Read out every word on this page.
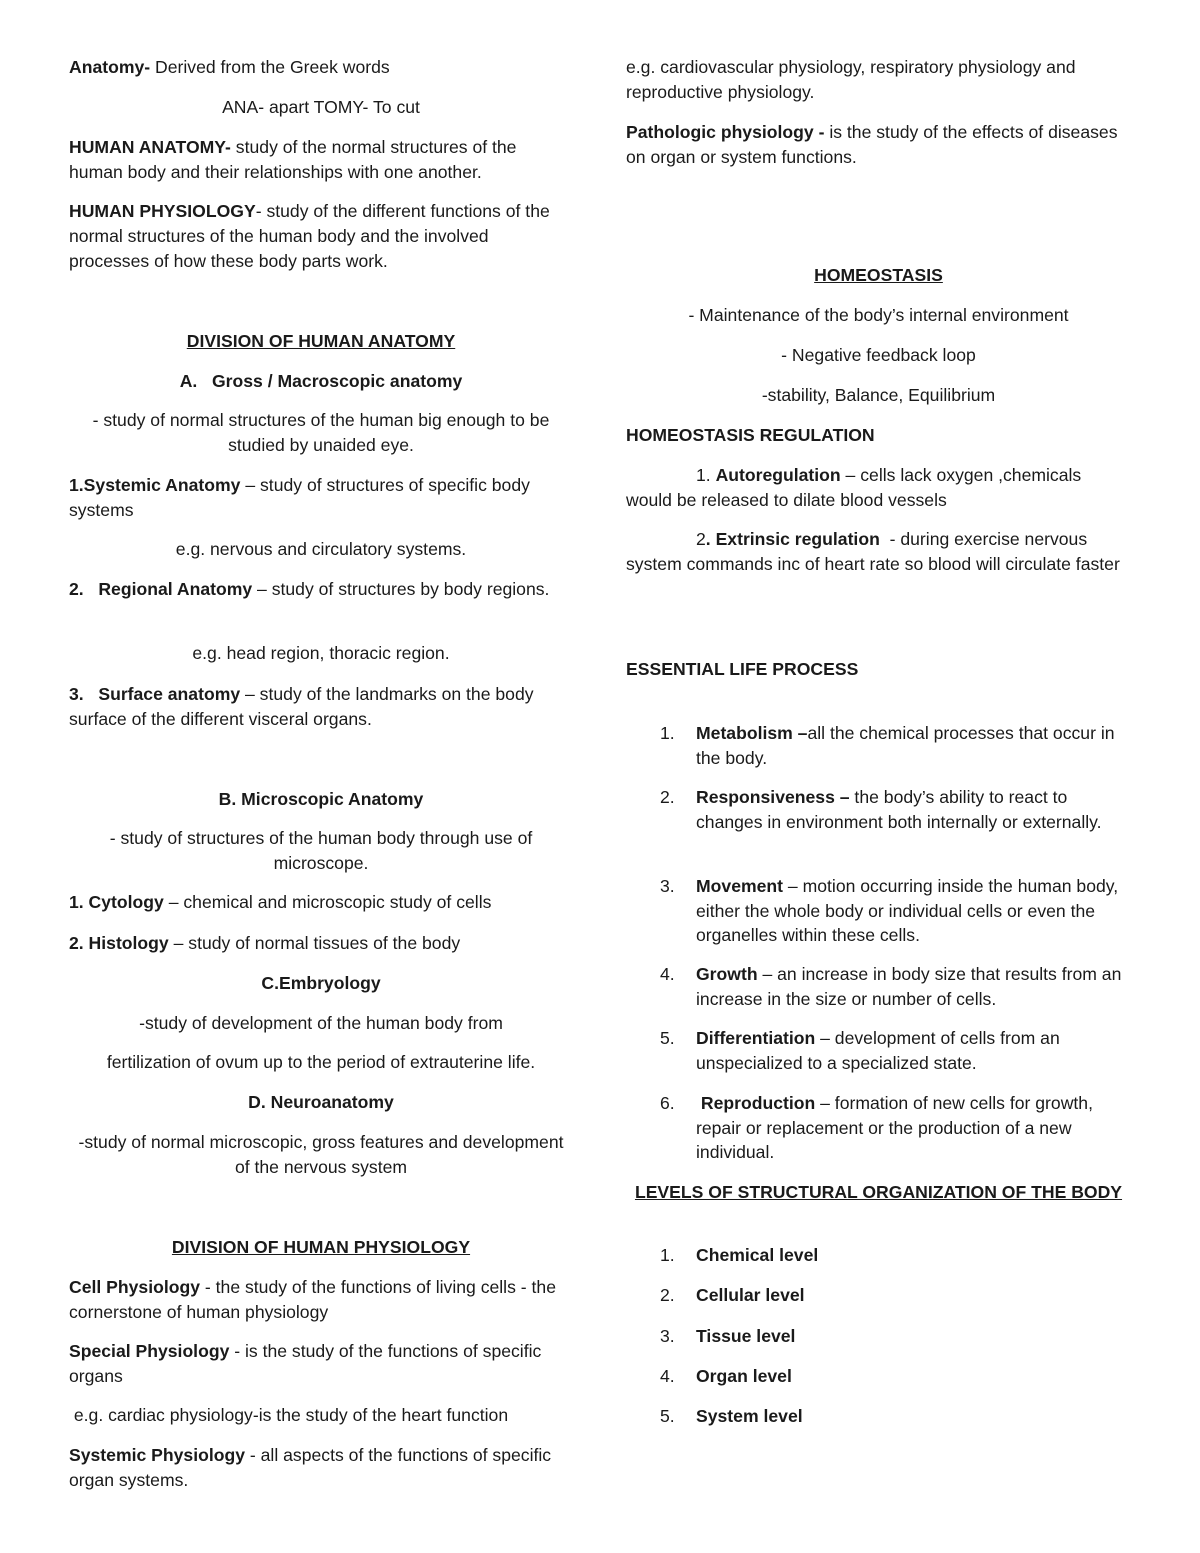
Anatomy- Derived from the Greek words

ANA- apart TOMY- To cut

HUMAN ANATOMY- study of the normal structures of the human body and their relationships with one another.

HUMAN PHYSIOLOGY- study of the different functions of the normal structures of the human body and the involved processes of how these body parts work.

DIVISION OF HUMAN ANATOMY

A.   Gross / Macroscopic anatomy

- study of normal structures of the human big enough to be studied by unaided eye.

1.Systemic Anatomy – study of structures of specific body systems

e.g. nervous and circulatory systems.

2.   Regional Anatomy – study of structures by body regions.

e.g. head region, thoracic region.

3.   Surface anatomy – study of the landmarks on the body surface of the different visceral organs.

B. Microscopic Anatomy

- study of structures of the human body through use of microscope.

1. Cytology – chemical and microscopic study of cells

2. Histology – study of normal tissues of the body

C.Embryology

-study of development of the human body from

fertilization of ovum up to the period of extrauterine life.

D. Neuroanatomy

-study of normal microscopic, gross features and development of the nervous system

DIVISION OF HUMAN PHYSIOLOGY

Cell Physiology - the study of the functions of living cells - the cornerstone of human physiology

Special Physiology - is the study of the functions of specific organs

e.g. cardiac physiology-is the study of the heart function

Systemic Physiology - all aspects of the functions of specific organ systems.

e.g. cardiovascular physiology, respiratory physiology and reproductive physiology.

Pathologic physiology - is the study of the effects of diseases on organ or system functions.

HOMEOSTASIS

- Maintenance of the body’s internal environment

- Negative feedback loop

-stability, Balance, Equilibrium

HOMEOSTASIS REGULATION

1. Autoregulation – cells lack oxygen ,chemicals would be released to dilate blood vessels

2. Extrinsic regulation  - during exercise nervous system commands inc of heart rate so blood will circulate faster

ESSENTIAL LIFE PROCESS

1.	Metabolism –all the chemical processes that occur in the body.
2.	Responsiveness – the body’s ability to react to changes in environment both internally or externally.
3.	Movement – motion occurring inside the human body, either the whole body or individual cells or even the organelles within these cells.
4.	Growth – an increase in body size that results from an increase in the size or number of cells.
5.	Differentiation – development of cells from an unspecialized to a specialized state.
6.	Reproduction – formation of new cells for growth, repair or replacement or the production of a new individual.

LEVELS OF STRUCTURAL ORGANIZATION OF THE BODY

1.	Chemical level
2.	Cellular level
3.	Tissue level
4.	Organ level
5.	System level
